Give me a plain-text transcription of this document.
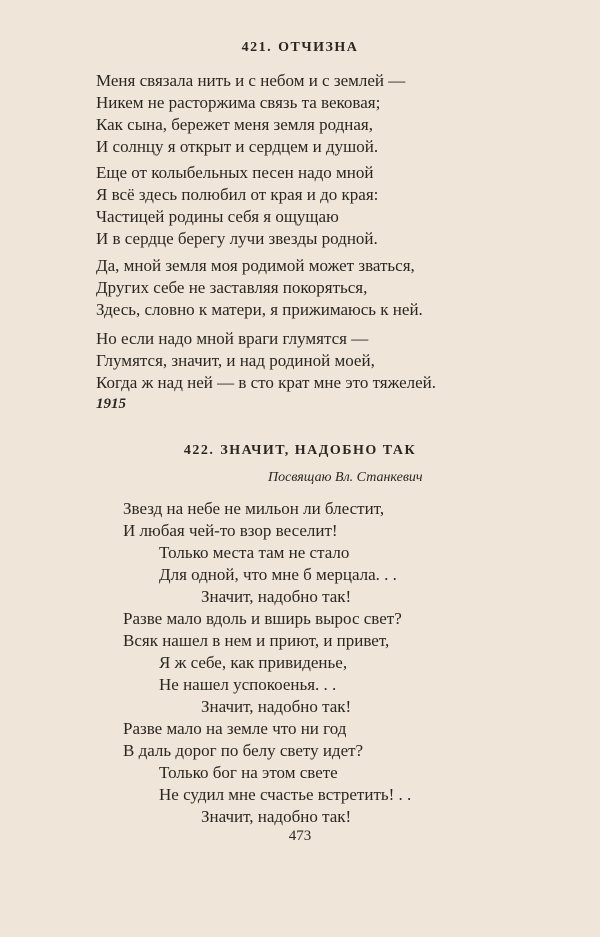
421. ОТЧИЗНА
Меня связала нить и с небом и с землей —
Никем не расторжима связь та вековая;
Как сына, бережет меня земля родная,
И солнцу я открыт и сердцем и душой.
Еще от колыбельных песен надо мной
Я всё здесь полюбил от края и до края:
Частицей родины себя я ощущаю
И в сердце берегу лучи звезды родной.
Да, мной земля моя родимой может зваться,
Других себе не заставляя покоряться,
Здесь, словно к матери, я прижимаюсь к ней.
Но если надо мной враги глумятся —
Глумятся, значит, и над родиной моей,
Когда ж над ней — в сто крат мне это тяжелей.
1915
422. ЗНАЧИТ, НАДОБНО ТАК
Посвящаю Вл. Станкевич
Звезд на небе не мильон ли блестит,
И любая чей-то взор веселит!
Только места там не стало
Для одной, что мне б мерцала. . .
Значит, надобно так!
Разве мало вдоль и вширь вырос свет?
Всяк нашел в нем и приют, и привет,
Я ж себе, как привиденье,
Не нашел успокоенья. . .
Значит, надобно так!
Разве мало на земле что ни год
В даль дорог по белу свету идет?
Только бог на этом свете
Не судил мне счастье встретить! . .
Значит, надобно так!
473
